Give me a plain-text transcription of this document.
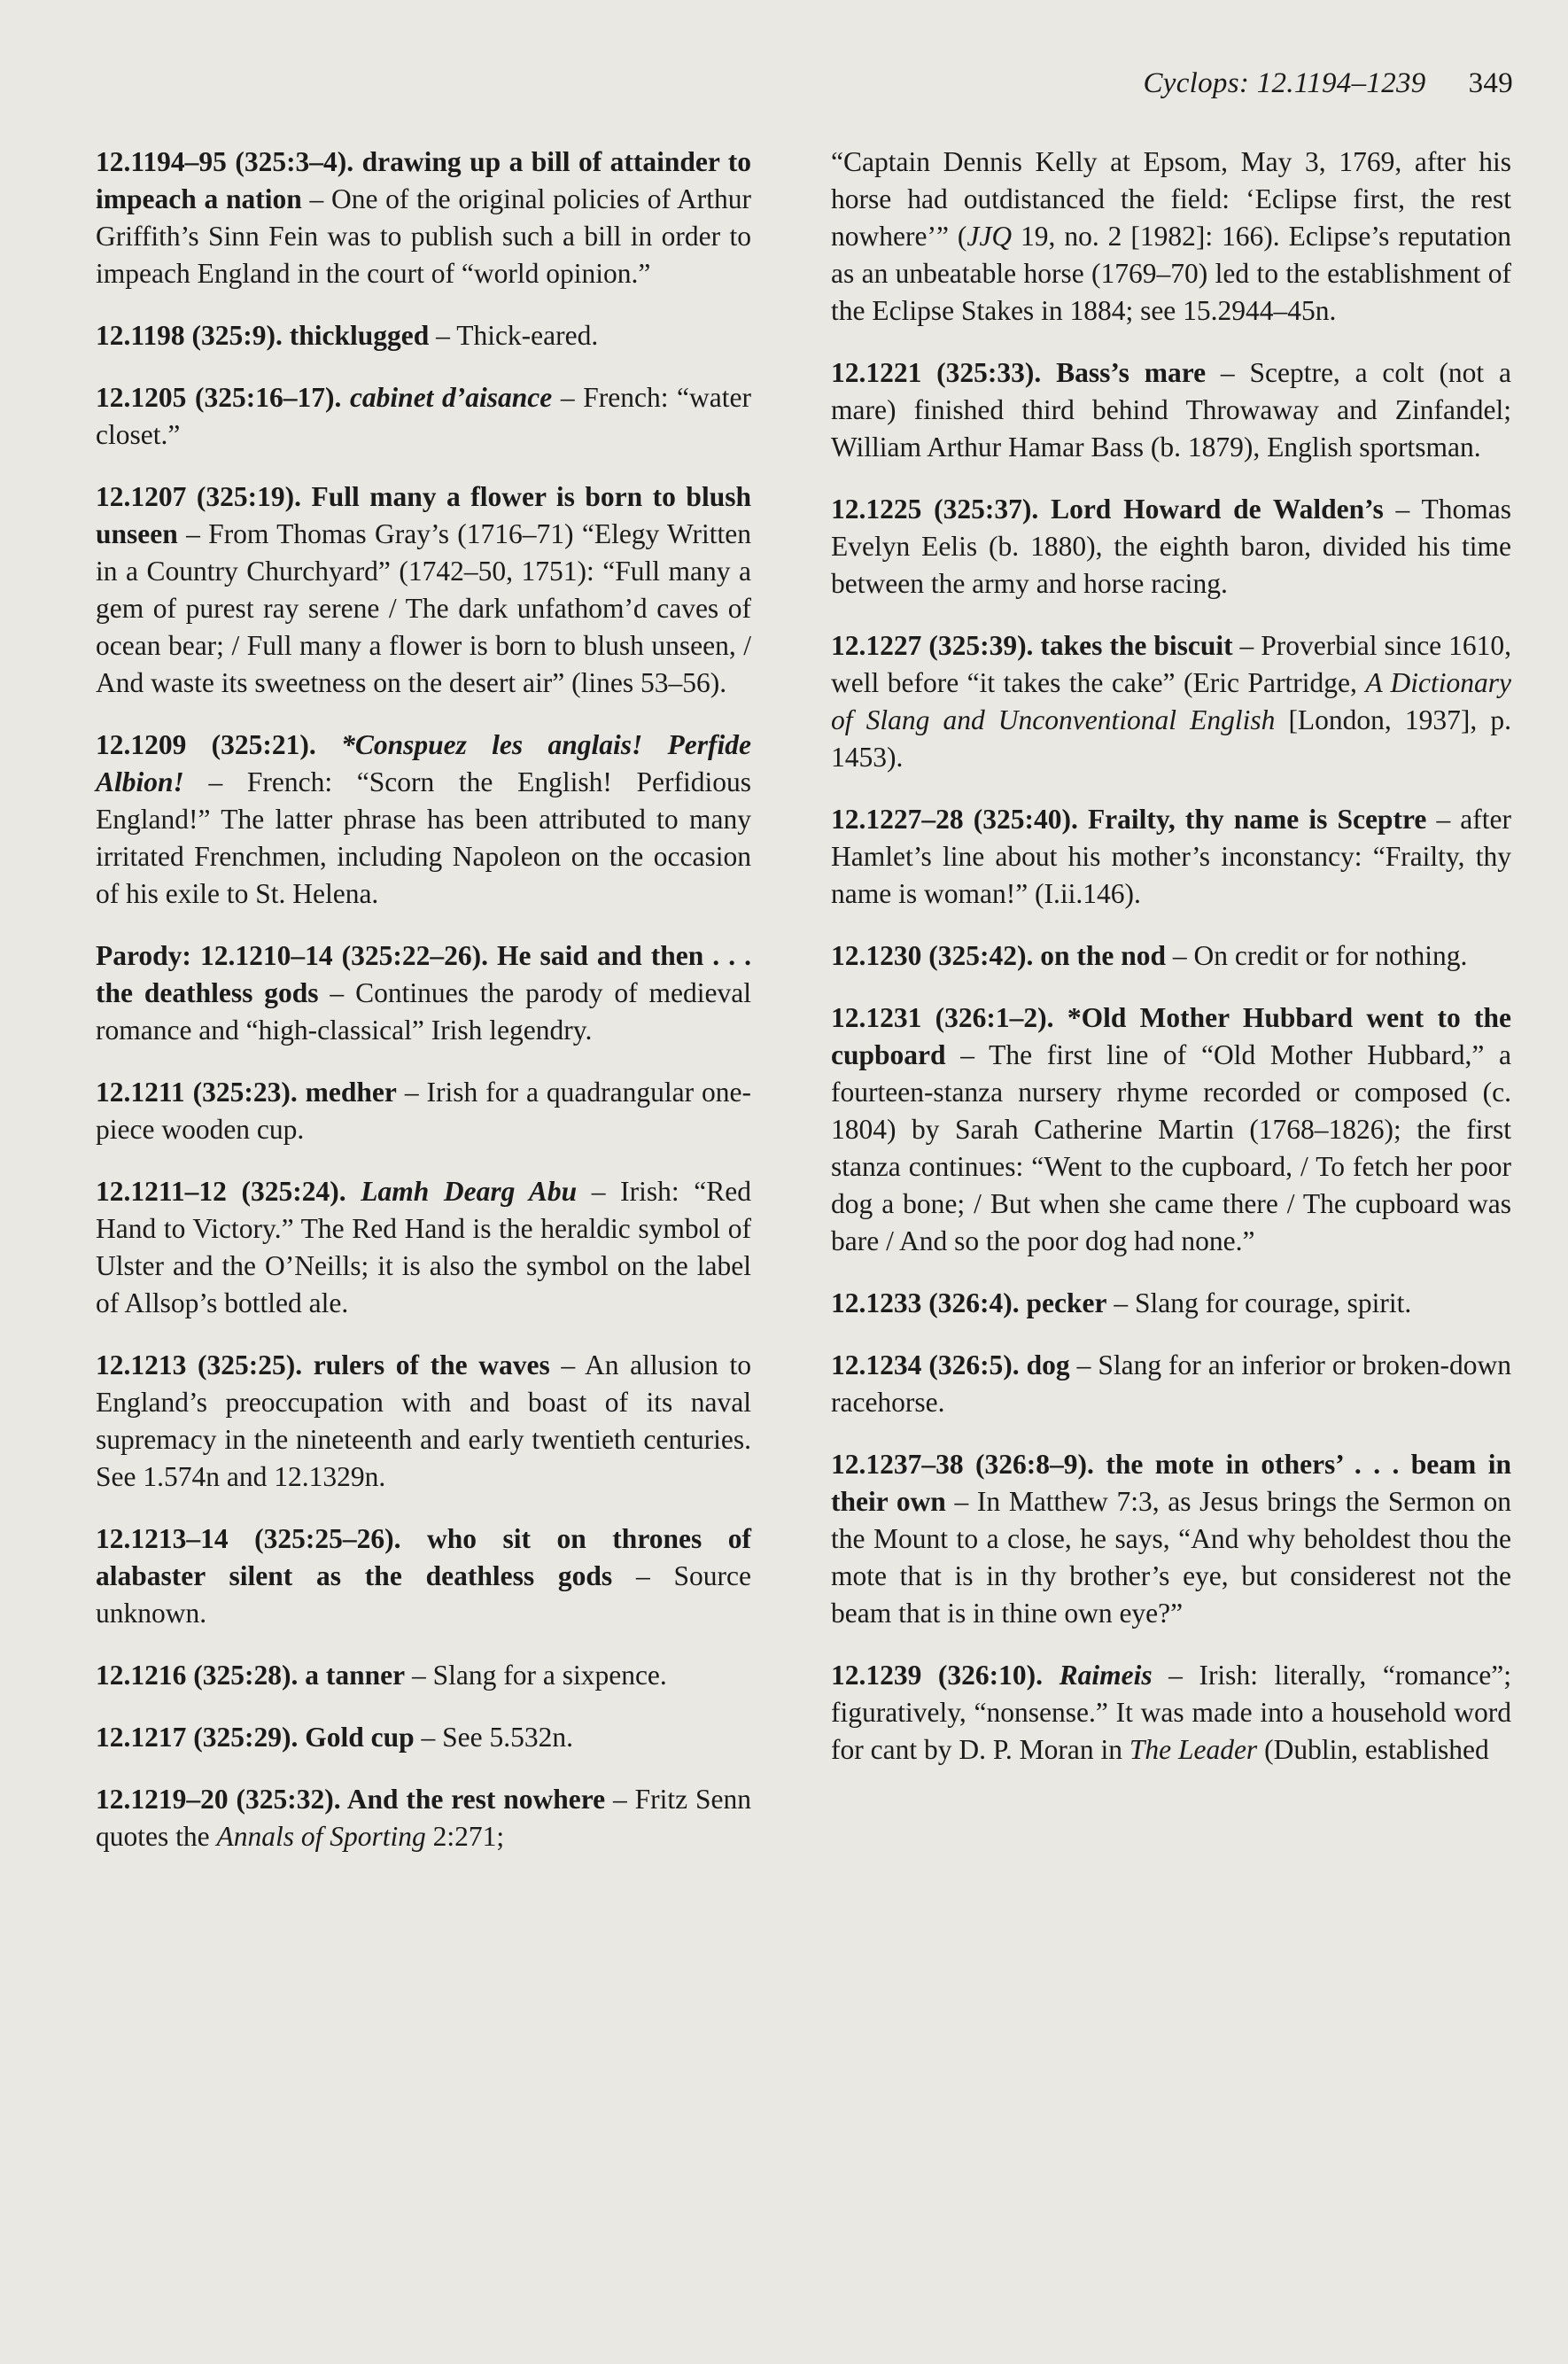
Cyclops: 12.1194–1239 349

12.1194–95 (325:3–4). drawing up a bill of attainder to impeach a nation – One of the original policies of Arthur Griffith’s Sinn Fein was to publish such a bill in order to impeach England in the court of “world opinion.”

12.1198 (325:9). thicklugged – Thick-eared.

12.1205 (325:16–17). cabinet d’aisance – French: “water closet.”

12.1207 (325:19). Full many a flower is born to blush unseen – From Thomas Gray’s (1716–71) “Elegy Written in a Country Churchyard” (1742–50, 1751): “Full many a gem of purest ray serene / The dark unfathom’d caves of ocean bear; / Full many a flower is born to blush unseen, / And waste its sweetness on the desert air” (lines 53–56).

12.1209 (325:21). *Conspuez les anglais! Perfide Albion! – French: “Scorn the English! Perfidious England!” The latter phrase has been attributed to many irritated Frenchmen, including Napoleon on the occasion of his exile to St. Helena.

Parody: 12.1210–14 (325:22–26). He said and then . . . the deathless gods – Continues the parody of medieval romance and “high-classical” Irish legendry.

12.1211 (325:23). medher – Irish for a quadrangular one-piece wooden cup.

12.1211–12 (325:24). Lamh Dearg Abu – Irish: “Red Hand to Victory.” The Red Hand is the heraldic symbol of Ulster and the O’Neills; it is also the symbol on the label of Allsop’s bottled ale.

12.1213 (325:25). rulers of the waves – An allusion to England’s preoccupation with and boast of its naval supremacy in the nineteenth and early twentieth centuries. See 1.574n and 12.1329n.

12.1213–14 (325:25–26). who sit on thrones of alabaster silent as the deathless gods – Source unknown.

12.1216 (325:28). a tanner – Slang for a sixpence.

12.1217 (325:29). Gold cup – See 5.532n.

12.1219–20 (325:32). And the rest nowhere – Fritz Senn quotes the Annals of Sporting 2:271;

“Captain Dennis Kelly at Epsom, May 3, 1769, after his horse had outdistanced the field: ‘Eclipse first, the rest nowhere’” (JJQ 19, no. 2 [1982]: 166). Eclipse’s reputation as an unbeatable horse (1769–70) led to the establishment of the Eclipse Stakes in 1884; see 15.2944–45n.

12.1221 (325:33). Bass’s mare – Sceptre, a colt (not a mare) finished third behind Throwaway and Zinfandel; William Arthur Hamar Bass (b. 1879), English sportsman.

12.1225 (325:37). Lord Howard de Walden’s – Thomas Evelyn Eelis (b. 1880), the eighth baron, divided his time between the army and horse racing.

12.1227 (325:39). takes the biscuit – Proverbial since 1610, well before “it takes the cake” (Eric Partridge, A Dictionary of Slang and Unconventional English [London, 1937], p. 1453).

12.1227–28 (325:40). Frailty, thy name is Sceptre – after Hamlet’s line about his mother’s inconstancy: “Frailty, thy name is woman!” (I.ii.146).

12.1230 (325:42). on the nod – On credit or for nothing.

12.1231 (326:1–2). *Old Mother Hubbard went to the cupboard – The first line of “Old Mother Hubbard,” a fourteen-stanza nursery rhyme recorded or composed (c. 1804) by Sarah Catherine Martin (1768–1826); the first stanza continues: “Went to the cupboard, / To fetch her poor dog a bone; / But when she came there / The cupboard was bare / And so the poor dog had none.”

12.1233 (326:4). pecker – Slang for courage, spirit.

12.1234 (326:5). dog – Slang for an inferior or broken-down racehorse.

12.1237–38 (326:8–9). the mote in others’ . . . beam in their own – In Matthew 7:3, as Jesus brings the Sermon on the Mount to a close, he says, “And why beholdest thou the mote that is in thy brother’s eye, but considerest not the beam that is in thine own eye?”

12.1239 (326:10). Raimeis – Irish: literally, “romance”; figuratively, “nonsense.” It was made into a household word for cant by D. P. Moran in The Leader (Dublin, established
